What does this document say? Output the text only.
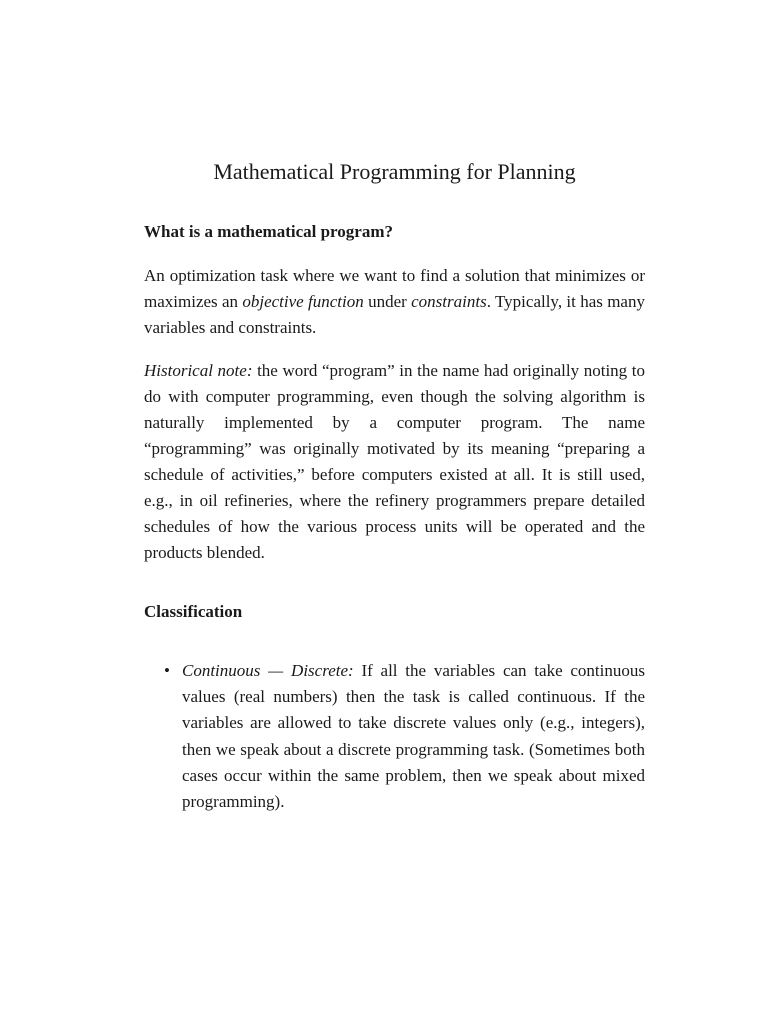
Mathematical Programming for Planning
What is a mathematical program?

An optimization task where we want to find a solution that minimizes or maximizes an objective function under constraints. Typically, it has many variables and constraints.

Historical note: the word “program” in the name had originally noting to do with computer programming, even though the solving algorithm is naturally implemented by a computer program. The name “programming” was originally motivated by its meaning “preparing a schedule of activities,” before computers existed at all. It is still used, e.g., in oil refineries, where the refinery programmers prepare detailed schedules of how the various process units will be operated and the products blended.

Classification
• Continuous — Discrete: If all the variables can take continuous values (real numbers) then the task is called continuous. If the variables are allowed to take discrete values only (e.g., integers), then we speak about a discrete programming task. (Sometimes both cases occur within the same problem, then we speak about mixed programming).
